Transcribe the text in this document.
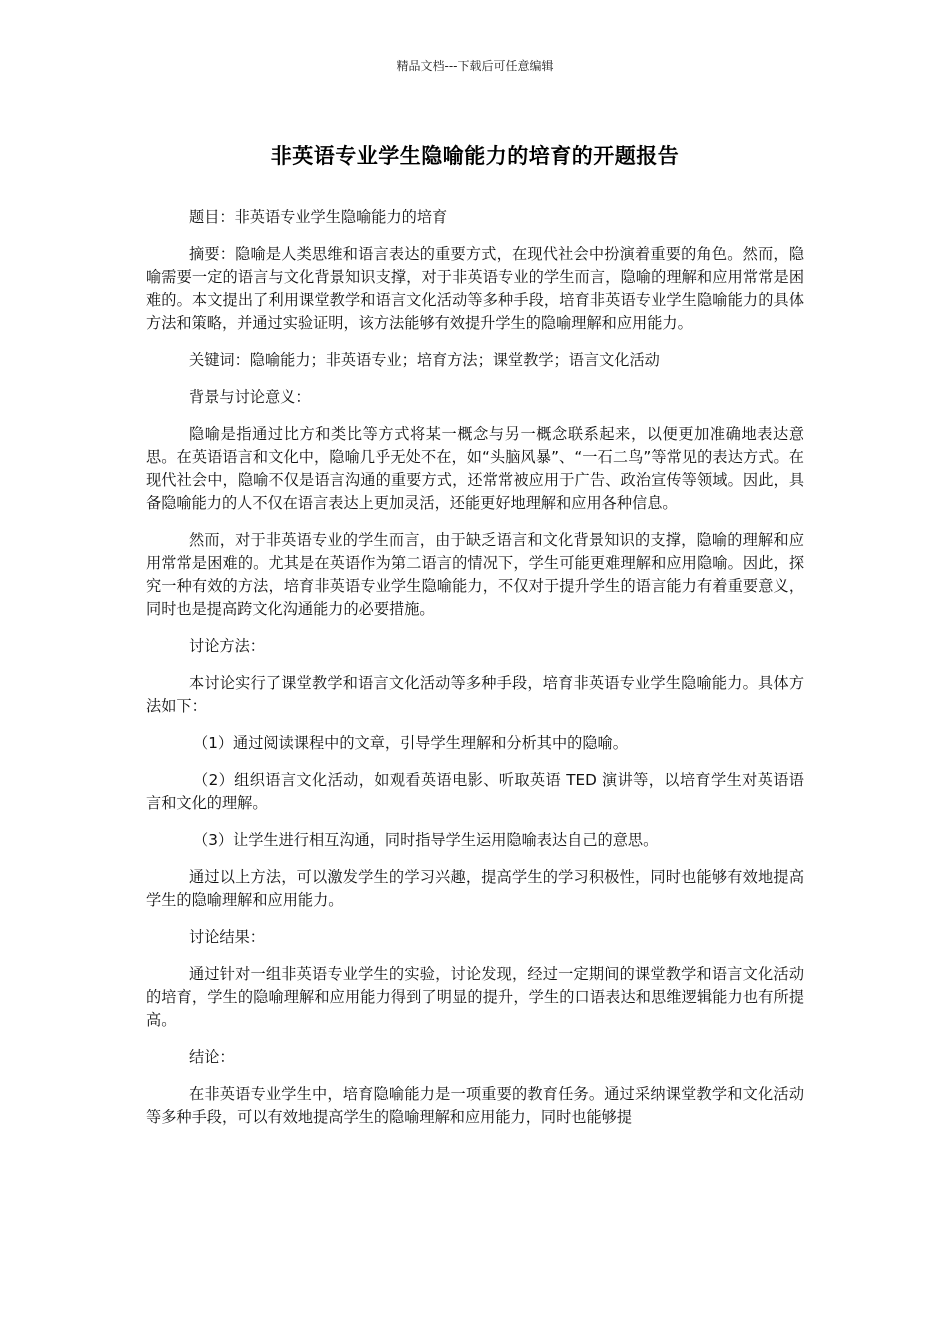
精品文档---下载后可任意编辑
非英语专业学生隐喻能力的培育的开题报告

题目：非英语专业学生隐喻能力的培育

摘要：隐喻是人类思维和语言表达的重要方式，在现代社会中扮演着重要的角色。然而，隐喻需要一定的语言与文化背景知识支撑，对于非英语专业的学生而言，隐喻的理解和应用常常是困难的。本文提出了利用课堂教学和语言文化活动等多种手段，培育非英语专业学生隐喻能力的具体方法和策略，并通过实验证明，该方法能够有效提升学生的隐喻理解和应用能力。

关键词：隐喻能力；非英语专业；培育方法；课堂教学；语言文化活动

背景与讨论意义：

隐喻是指通过比方和类比等方式将某一概念与另一概念联系起来，以便更加准确地表达意思。在英语语言和文化中，隐喻几乎无处不在，如“头脑风暴”、“一石二鸟”等常见的表达方式。在现代社会中，隐喻不仅是语言沟通的重要方式，还常常被应用于广告、政治宣传等领域。因此，具备隐喻能力的人不仅在语言表达上更加灵活，还能更好地理解和应用各种信息。

然而，对于非英语专业的学生而言，由于缺乏语言和文化背景知识的支撑，隐喻的理解和应用常常是困难的。尤其是在英语作为第二语言的情况下，学生可能更难理解和应用隐喻。因此，探究一种有效的方法，培育非英语专业学生隐喻能力，不仅对于提升学生的语言能力有着重要意义，同时也是提高跨文化沟通能力的必要措施。

讨论方法：

本讨论实行了课堂教学和语言文化活动等多种手段，培育非英语专业学生隐喻能力。具体方法如下：

（1）通过阅读课程中的文章，引导学生理解和分析其中的隐喻。

（2）组织语言文化活动，如观看英语电影、听取英语 TED 演讲等，以培育学生对英语语言和文化的理解。

（3）让学生进行相互沟通，同时指导学生运用隐喻表达自己的意思。

通过以上方法，可以激发学生的学习兴趣，提高学生的学习积极性，同时也能够有效地提高学生的隐喻理解和应用能力。

讨论结果：

通过针对一组非英语专业学生的实验，讨论发现，经过一定期间的课堂教学和语言文化活动的培育，学生的隐喻理解和应用能力得到了明显的提升，学生的口语表达和思维逻辑能力也有所提高。

结论：

在非英语专业学生中，培育隐喻能力是一项重要的教育任务。通过采纳课堂教学和文化活动等多种手段，可以有效地提高学生的隐喻理解和应用能力，同时也能够提
